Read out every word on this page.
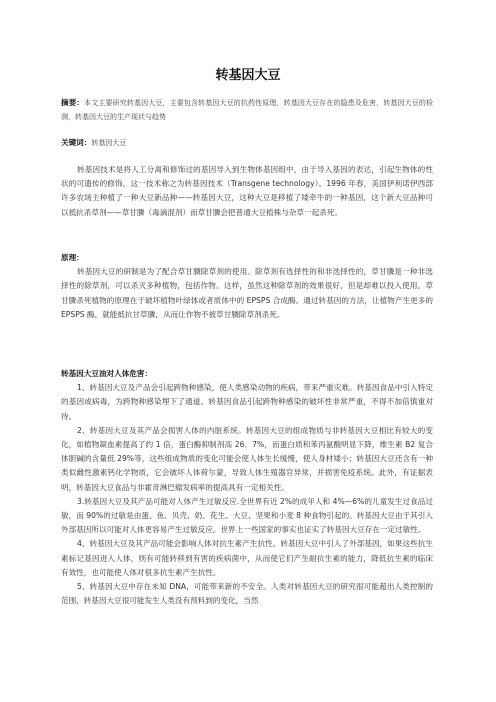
转基因大豆
摘要：本文主要研究转基因大豆，主要包含转基因大豆的抗药性原理，转基因大豆存在的隐患及危害，转基因大豆的检测，转基因大豆的生产现状与趋势
关键词：转基因大豆

转基因技术是将人工分离和修饰过的基因导入到生物体基因组中，由于导入基因的表达，引起生物体的性状的可遗传的修饰，这一技术称之为转基因技术（Transgene technology）。1996 年春，美国伊利诺伊西部许多农场主种植了一种大豆新品种——转基因大豆，这种大豆是移植了矮牵牛的一种基因，这个新大豆品种可以抵抗杀草剂——草甘膦（毒滴混剂）而草甘膦会把普通大豆植株与杂草一起杀死。

原理：

转基因大豆的研制是为了配合草甘膦除草剂的使用。除草剂有选择性的和非选择性的，草甘膦是一种非选择性的除草剂，可以杀灭多种植物，包括作物。这样，虽然这种除草剂的效果很好，但是却难以投入使用。草甘膦杀死植物的原理在于破坏植物叶绿体或者质体中的 EPSPS 合成酶。通过转基因的方法，让植物产生更多的 EPSPS 酶，就能抵抗甘草膦，从而让作物不被草甘膦除草剂杀死。

转基因大豆油对人体危害：

1、转基因大豆及产品会引起跨物种感染，使人类感染动物的疾病，带来严重灾难。转基因食品中引入特定的基因或病毒，为跨物种感染埋下了通道。转基因食品引起跨物种感染的破坏性非常严重，不得不加倍慎重对待。

2、转基因大豆及其产品会损害人体的内脏系统。转基因大豆的组成物质与非转基因大豆相比有较大的变化，如植物凝血素提高了约 1 倍，蛋白酶抑制剂高 26．7%，而蛋白质和苯丙氨酸明显下降，维生素 B2 复合体胆碱的含量低 29%等，这些组成物质的变化可能会使人体生长缓慢，使人身材矮小；转基因大豆还含有一种类似雌性激素钙化学物质，它会破坏人体荷尔蒙，导致人体生殖器官异常，并损害免疫系统。此外，有证据表明，转基因大豆食品与非霍奇淋巴瘤发病率的提高具有一定相关性。

3.转基因大豆及其产品可能对人体产生过敏反应.全世界有近 2%的成年人和 4%—6%的儿童发生过食品过敏，而 90%的过敏是由蛋、鱼、贝壳、奶、花生、大豆、坚果和小麦 8 种食物引起的。转基因大豆由于其引入外部基因所以可能对人体更容易产生过敏反应。世界上一些国家的事实也证实了转基因大豆存在一定过敏性。

4、转基因大豆及其产品可能会影响人体对抗生素产生抗性。转基因大豆中引入了外部基因，如果这些抗生素标记基因进入人体，则有可能转移到有害的疾病菌中，从而使它们产生耐抗生素的能力，降低抗生素的临床有效性，也可能使人体对很多抗生素产生抗性。

5、转基因大豆中存在未知 DNA，可能带来新的不安全。人类对转基因大豆的研究很可能超出人类控制的范围，转基因大豆很可能发生人类没有预料到的变化，当然
